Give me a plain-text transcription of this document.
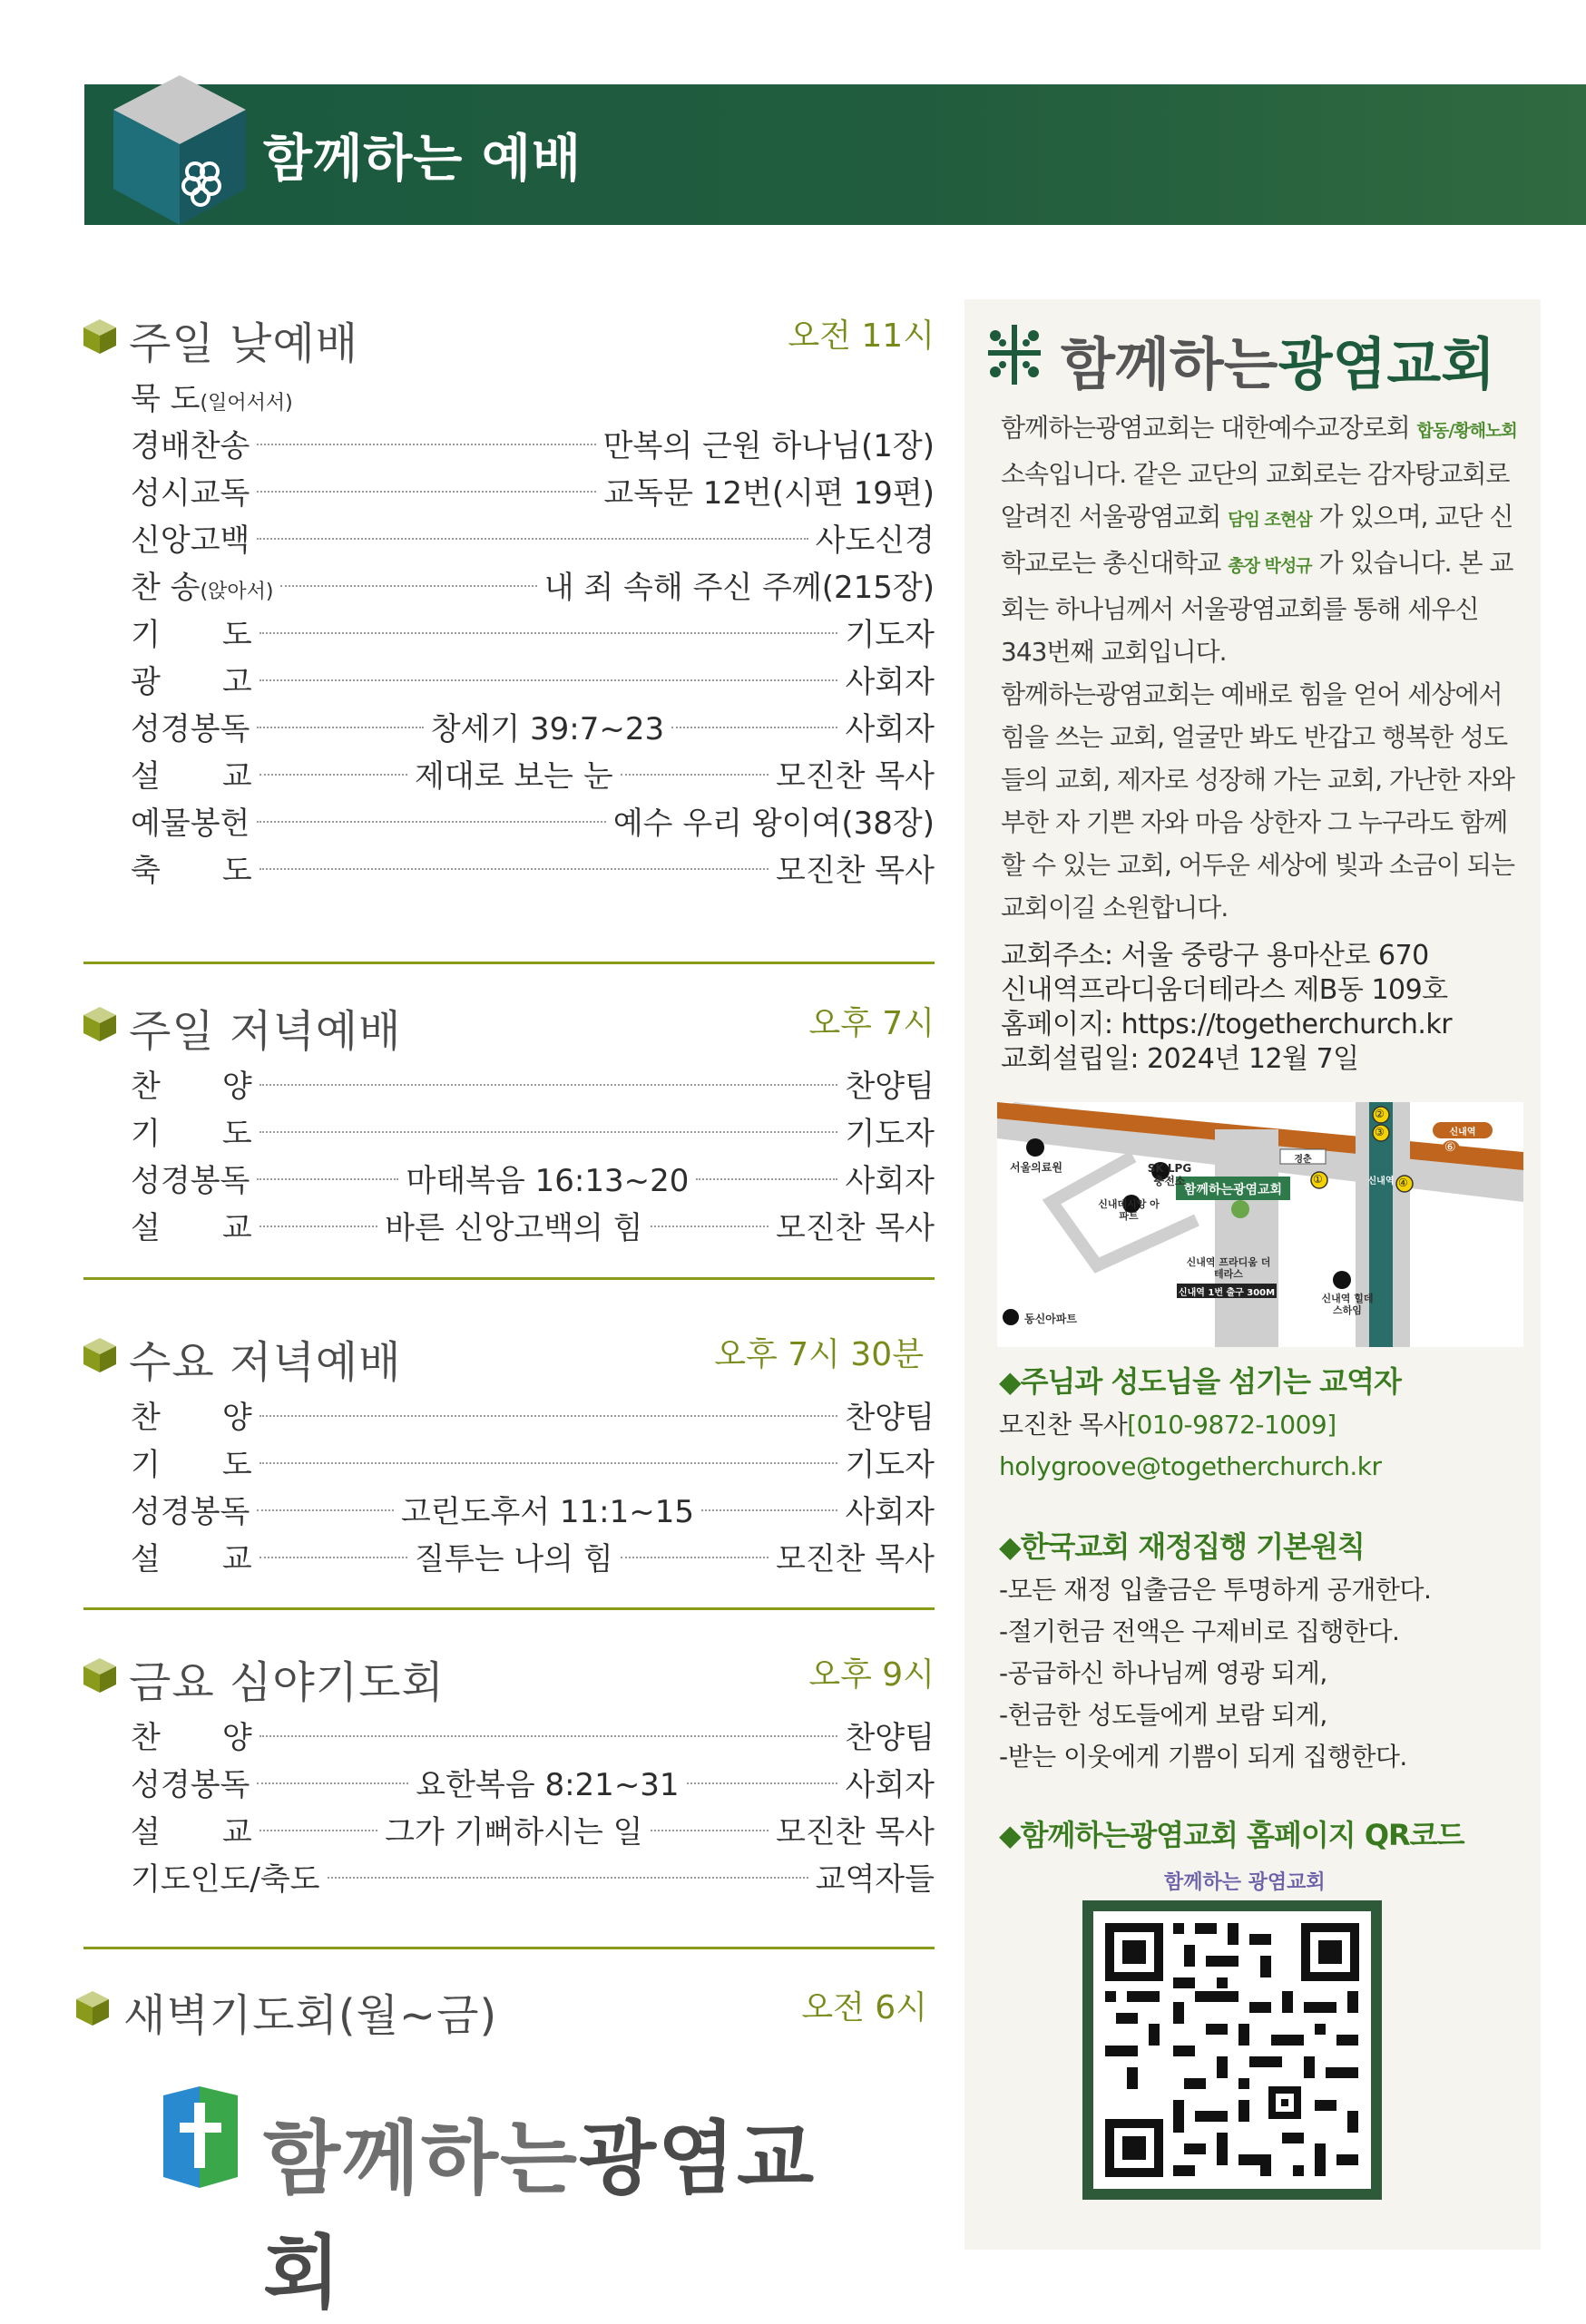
함께하는 예배
주일 낮예배	오전 11시
묵 도(일어서서)
경배찬송	만복의 근원 하나님(1장)
성시교독	교독문 12번(시편 19편)
신앙고백	사도신경
찬 송(앉아서)	내 죄 속해 주신 주께(215장)
기　　도	기도자
광　　고	사회자
성경봉독	창세기 39:7~23	사회자
설　　교	제대로 보는 눈	모진찬 목사
예물봉헌	예수 우리 왕이여(38장)
축　　도	모진찬 목사
주일 저녁예배	오후 7시
찬　　양	찬양팀
기　　도	기도자
성경봉독	마태복음 16:13~20	사회자
설　　교	바른 신앙고백의 힘	모진찬 목사
수요 저녁예배	오후 7시 30분
찬　　양	찬양팀
기　　도	기도자
성경봉독	고린도후서 11:1~15	사회자
설　　교	질투는 나의 힘	모진찬 목사
금요 심야기도회	오후 9시
찬　　양	찬양팀
성경봉독	요한복음 8:21~31	사회자
설　　교	그가 기뻐하시는 일	모진찬 목사
기도인도/축도	교역자들
새벽기도회(월~금)	오전 6시
함께하는광염교회
함께하는광염교회
함께하는광염교회는 대한예수교장로회 합동/황해노회 소속입니다. 같은 교단의 교회로는 감자탕교회로 알려진 서울광염교회 담임 조현삼 가 있으며, 교단 신학교로는 총신대학교 총장 박성규 가 있습니다. 본 교회는 하나님께서 서울광염교회를 통해 세우신 343번째 교회입니다.
함께하는광염교회는 예배로 힘을 얻어 세상에서 힘을 쓰는 교회, 얼굴만 봐도 반갑고 행복한 성도들의 교회, 제자로 성장해 가는 교회, 가난한 자와 부한 자 기쁜 자와 마음 상한자 그 누구라도 함께할 수 있는 교회, 어두운 세상에 빛과 소금이 되는 교회이길 소원합니다.
교회주소: 서울 중랑구 용마산로 670
신내역프라디움더테라스 제B동 109호
홈페이지: https://togetherchurch.kr
교회설립일: 2024년 12월 7일
서울의료원	SK LPG 충전소
신내데시앙 아파트
동신아파트
함께하는광염교회
신내역 프라디움 더 테라스
신내역 1번 출구 300M
경춘
신내역
신내역
신내역 힐데스하임
①
②
③
④
⑥
◆주님과 성도님을 섬기는 교역자
모진찬 목사[010-9872-1009]
holygroove@togetherchurch.kr
◆한국교회 재정집행 기본원칙
-모든 재정 입출금은 투명하게 공개한다.
-절기헌금 전액은 구제비로 집행한다.
-공급하신 하나님께 영광 되게,
-헌금한 성도들에게 보람 되게,
-받는 이웃에게 기쁨이 되게 집행한다.
◆함께하는광염교회 홈페이지 QR코드
함께하는 광염교회
